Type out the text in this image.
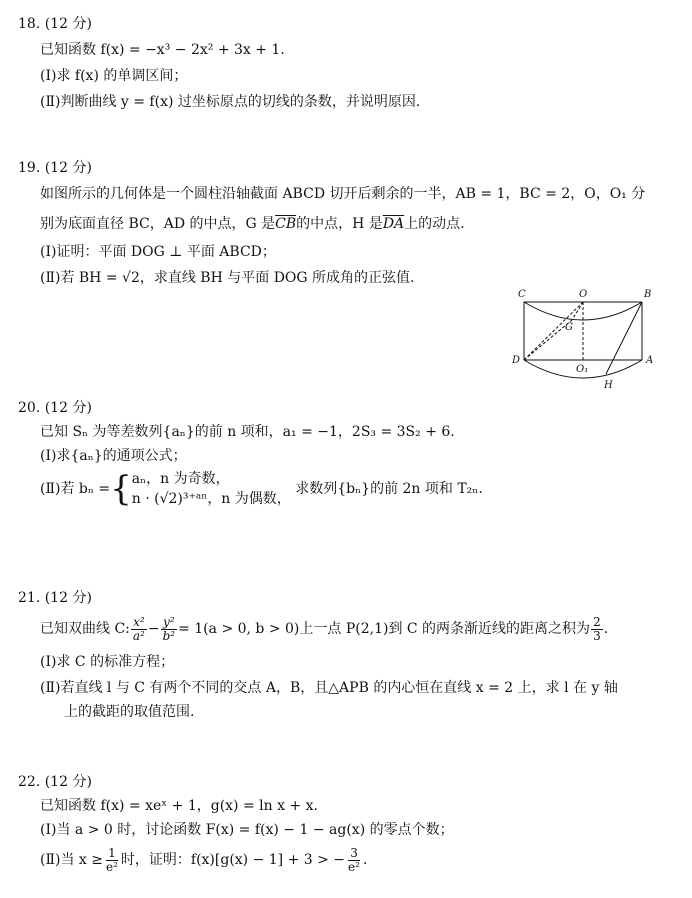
18. (12 分)
已知函数 f(x) = −x³ − 2x² + 3x + 1.
(Ⅰ)求 f(x) 的单调区间；
(Ⅱ)判断曲线 y = f(x) 过坐标原点的切线的条数，并说明原因.
19. (12 分)
如图所示的几何体是一个圆柱沿轴截面 ABCD 切开后剩余的一半，AB = 1，BC = 2，O，O₁ 分
别为底面直径 BC，AD 的中点，G 是$\overline{CB}$的中点，H 是$\overline{DA}$上的动点.
(Ⅰ)证明：平面 DOG ⊥ 平面 ABCD；
(Ⅱ)若 BH = √2，求直线 BH 与平面 DOG 所成角的正弦值.
C	O	B
G
D
O₁
A
H
20. (12 分)
已知 Sₙ 为等差数列{aₙ}的前 n 项和，a₁ = −1，2S₃ = 3S₂ + 6.
(Ⅰ)求{aₙ}的通项公式；
(Ⅱ)若 bₙ ={ aₙ，n 为奇数，
n · (√2)³⁺ᵃⁿ，n 为偶数，
求数列{bₙ}的前 2n 项和 T₂ₙ.
21. (12 分)
已知双曲线 C: $\frac{\text{x²}}{\text{a²}} - \frac{\text{y²}}{\text{b²}} = 1(a > 0$, b > 0)上一点 P(2,1)到 C 的两条渐近线的距离之积为 $\frac{2}{3}$ .
(Ⅰ)求 C 的标准方程；
(Ⅱ)若直线 l 与 C 有两个不同的交点 A，B，且△APB 的内心恒在直线 x = 2 上，求 l 在 y 轴
上的截距的取值范围.
22. (12 分)
已知函数 f(x) = xeˣ + 1，g(x) = ln x + x.
(Ⅰ)当 a > 0 时，讨论函数 F(x) = f(x) − 1 − ag(x) 的零点个数；
(Ⅱ)当 $x \ge \frac{1}{\text{e²}}$ 时，证明：f(x)[g(x) − 1] + 3 > − $\frac{3}{\text{e²}}$ .
